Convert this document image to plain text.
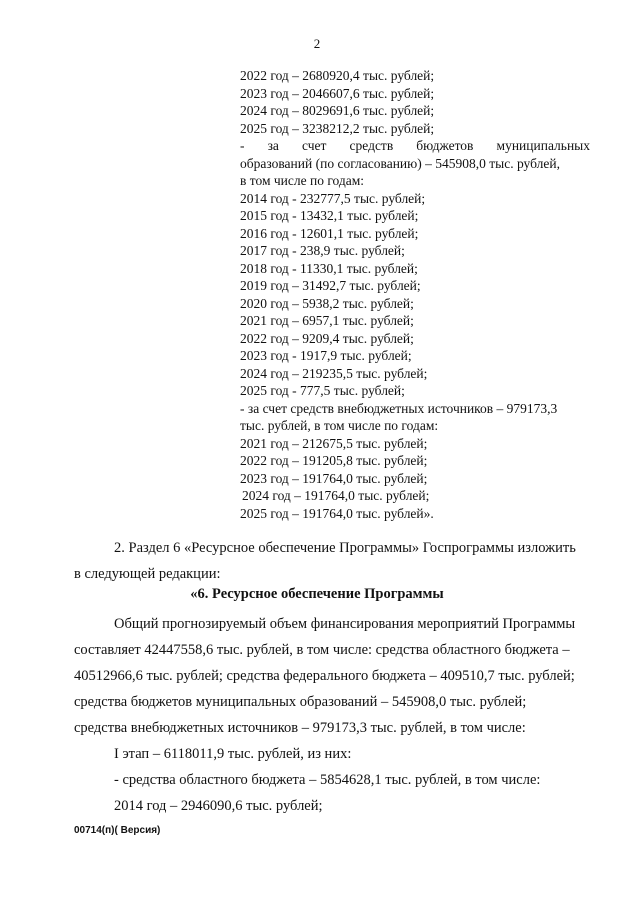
2
2022 год – 2680920,4 тыс. рублей;
2023 год – 2046607,6 тыс. рублей;
2024 год – 8029691,6 тыс. рублей;
2025 год – 3238212,2 тыс. рублей;
- за счет средств бюджетов муниципальных
образований (по согласованию) – 545908,0 тыс. рублей,
в том числе по годам:
2014 год - 232777,5 тыс. рублей;
2015 год - 13432,1 тыс. рублей;
2016 год - 12601,1 тыс. рублей;
2017 год - 238,9 тыс. рублей;
2018 год - 11330,1 тыс. рублей;
2019 год – 31492,7 тыс. рублей;
2020 год – 5938,2 тыс. рублей;
2021 год – 6957,1 тыс. рублей;
2022 год – 9209,4 тыс. рублей;
2023 год - 1917,9 тыс. рублей;
2024 год – 219235,5 тыс. рублей;
2025 год - 777,5 тыс. рублей;
- за счет средств внебюджетных источников – 979173,3
тыс. рублей, в том числе по годам:
2021 год – 212675,5 тыс. рублей;
2022 год – 191205,8 тыс. рублей;
2023 год – 191764,0 тыс. рублей;
2024 год – 191764,0 тыс. рублей;
2025 год – 191764,0 тыс. рублей».
2. Раздел 6 «Ресурсное обеспечение Программы» Госпрограммы изложить
в следующей редакции:
«6. Ресурсное обеспечение Программы
Общий прогнозируемый объем финансирования мероприятий Программы
составляет 42447558,6 тыс. рублей, в том числе: средства областного бюджета –
40512966,6 тыс. рублей; средства федерального бюджета – 409510,7 тыс. рублей;
средства бюджетов муниципальных образований – 545908,0 тыс. рублей;
средства внебюджетных источников – 979173,3 тыс. рублей, в том числе:
I этап – 6118011,9 тыс. рублей, из них:
- средства областного бюджета – 5854628,1 тыс. рублей, в том числе:
2014 год – 2946090,6 тыс. рублей;
00714(п)( Версия)
